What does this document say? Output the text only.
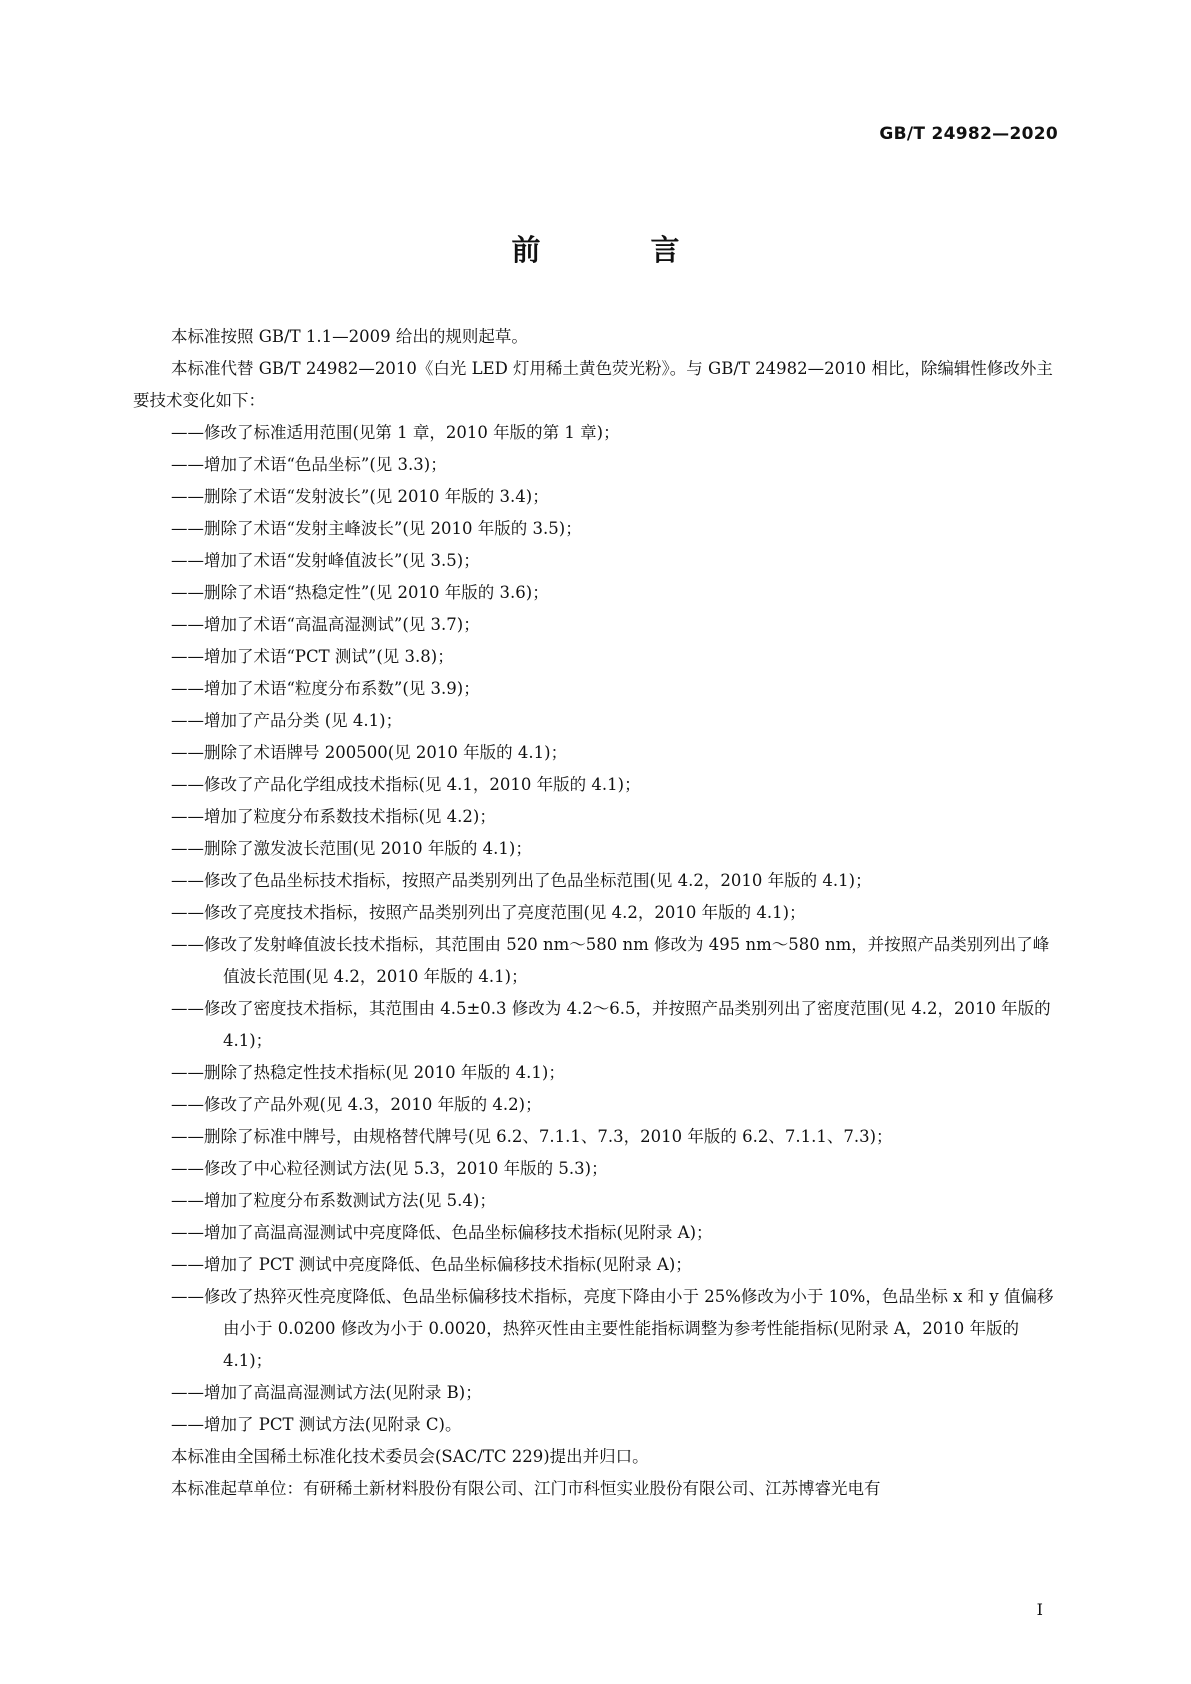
GB/T 24982—2020
前 言

本标准按照 GB/T 1.1—2009 给出的规则起草。

本标准代替 GB/T 24982—2010《白光 LED 灯用稀土黄色荧光粉》。与 GB/T 24982—2010 相比，除编辑性修改外主要技术变化如下：

——修改了标准适用范围(见第 1 章，2010 年版的第 1 章)；

——增加了术语“色品坐标”(见 3.3)；

——删除了术语“发射波长”(见 2010 年版的 3.4)；

——删除了术语“发射主峰波长”(见 2010 年版的 3.5)；

——增加了术语“发射峰值波长”(见 3.5)；

——删除了术语“热稳定性”(见 2010 年版的 3.6)；

——增加了术语“高温高湿测试”(见 3.7)；

——增加了术语“PCT 测试”(见 3.8)；

——增加了术语“粒度分布系数”(见 3.9)；

——增加了产品分类 (见 4.1)；

——删除了术语牌号 200500(见 2010 年版的 4.1)；

——修改了产品化学组成技术指标(见 4.1，2010 年版的 4.1)；

——增加了粒度分布系数技术指标(见 4.2)；

——删除了激发波长范围(见 2010 年版的 4.1)；

——修改了色品坐标技术指标，按照产品类别列出了色品坐标范围(见 4.2，2010 年版的 4.1)；

——修改了亮度技术指标，按照产品类别列出了亮度范围(见 4.2，2010 年版的 4.1)；

——修改了发射峰值波长技术指标，其范围由 520 nm～580 nm 修改为 495 nm～580 nm，并按照产品类别列出了峰值波长范围(见 4.2，2010 年版的 4.1)；

——修改了密度技术指标，其范围由 4.5±0.3 修改为 4.2～6.5，并按照产品类别列出了密度范围(见 4.2，2010 年版的 4.1)；

——删除了热稳定性技术指标(见 2010 年版的 4.1)；

——修改了产品外观(见 4.3，2010 年版的 4.2)；

——删除了标准中牌号，由规格替代牌号(见 6.2、7.1.1、7.3，2010 年版的 6.2、7.1.1、7.3)；

——修改了中心粒径测试方法(见 5.3，2010 年版的 5.3)；

——增加了粒度分布系数测试方法(见 5.4)；

——增加了高温高湿测试中亮度降低、色品坐标偏移技术指标(见附录 A)；

——增加了 PCT 测试中亮度降低、色品坐标偏移技术指标(见附录 A)；

——修改了热猝灭性亮度降低、色品坐标偏移技术指标，亮度下降由小于 25%修改为小于 10%，色品坐标 x 和 y 值偏移由小于 0.0200 修改为小于 0.0020，热猝灭性由主要性能指标调整为参考性能指标(见附录 A，2010 年版的 4.1)；

——增加了高温高湿测试方法(见附录 B)；

——增加了 PCT 测试方法(见附录 C)。

本标准由全国稀土标准化技术委员会(SAC/TC 229)提出并归口。

本标准起草单位：有研稀土新材料股份有限公司、江门市科恒实业股份有限公司、江苏博睿光电有

I
